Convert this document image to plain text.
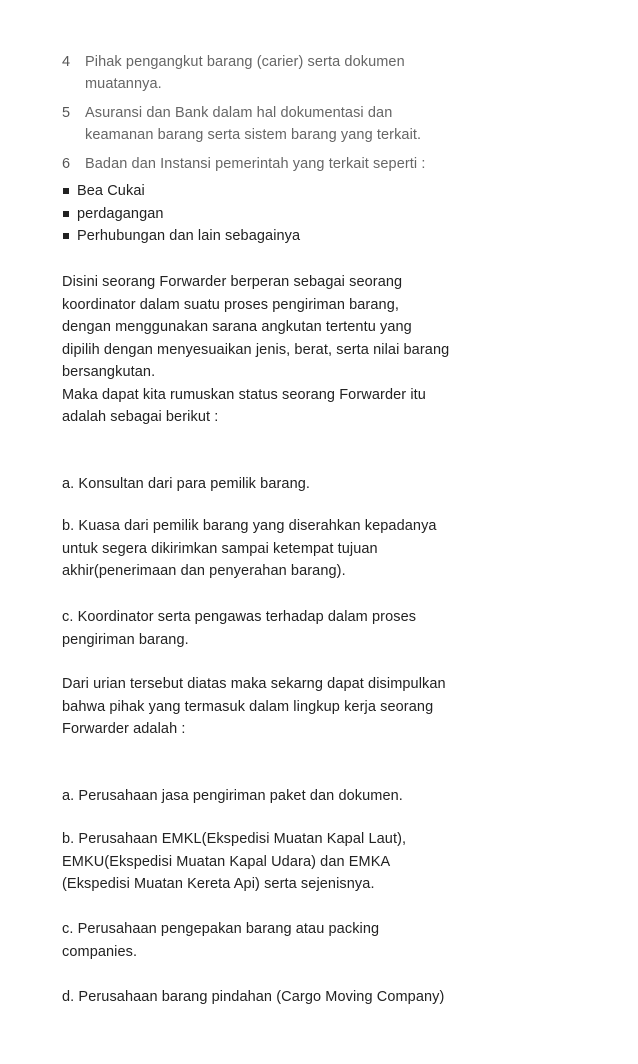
4 Pihak pengangkut barang (carier) serta dokumen
muatannya.
5 Asuransi dan Bank dalam hal dokumentasi dan
keamanan barang serta sistem barang yang terkait.
6 Badan dan Instansi pemerintah yang terkait seperti :
Bea Cukai
perdagangan
Perhubungan dan lain sebagainya
Disini seorang Forwarder berperan sebagai seorang
koordinator dalam suatu proses pengiriman barang,
dengan menggunakan sarana angkutan tertentu yang
dipilih dengan menyesuaikan jenis, berat, serta nilai barang
bersangkutan.
Maka dapat kita rumuskan status seorang Forwarder itu
adalah sebagai berikut :
a. Konsultan dari para pemilik barang.
b. Kuasa dari pemilik barang yang diserahkan kepadanya
untuk segera dikirimkan sampai ketempat tujuan
akhir(penerimaan dan penyerahan barang).
c. Koordinator serta pengawas terhadap dalam proses
pengiriman barang.
Dari urian tersebut diatas maka sekarng dapat disimpulkan
bahwa pihak yang termasuk dalam lingkup kerja seorang
Forwarder adalah :
a. Perusahaan jasa pengiriman paket dan dokumen.
b. Perusahaan EMKL(Ekspedisi Muatan Kapal Laut),
EMKU(Ekspedisi Muatan Kapal Udara) dan EMKA
(Ekspedisi Muatan Kereta Api) serta sejenisnya.
c. Perusahaan pengepakan barang atau packing
companies.
d. Perusahaan barang pindahan (Cargo Moving Company)
